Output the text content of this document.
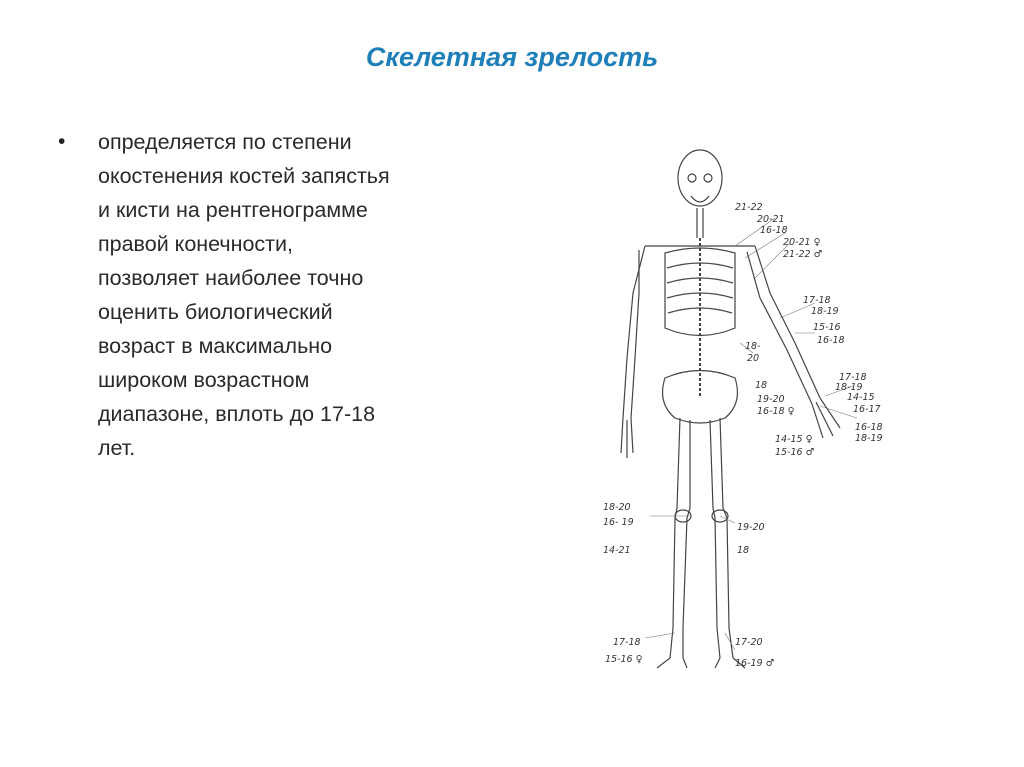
Скелетная зрелость
•	определяется по степени
окостенения костей запястья
и кисти на рентгенограмме
правой конечности,
позволяет наиболее точно
оценить биологический
возраст в максимально
широком возрастном
диапазоне, вплоть до 17-18
лет.
21-22
20-21
16-18
20-21 ♀
21-22 ♂
17-18
18-19
15-16
16-18
18-
20
17-18
18-19
18
19-20
16-18 ♀
14-15
16-17
16-18
18-19
14-15 ♀
15-16 ♂
18-20
16- 19	19-20
14-21	18
17-18	17-20
15-16 ♀	16-19 ♂
